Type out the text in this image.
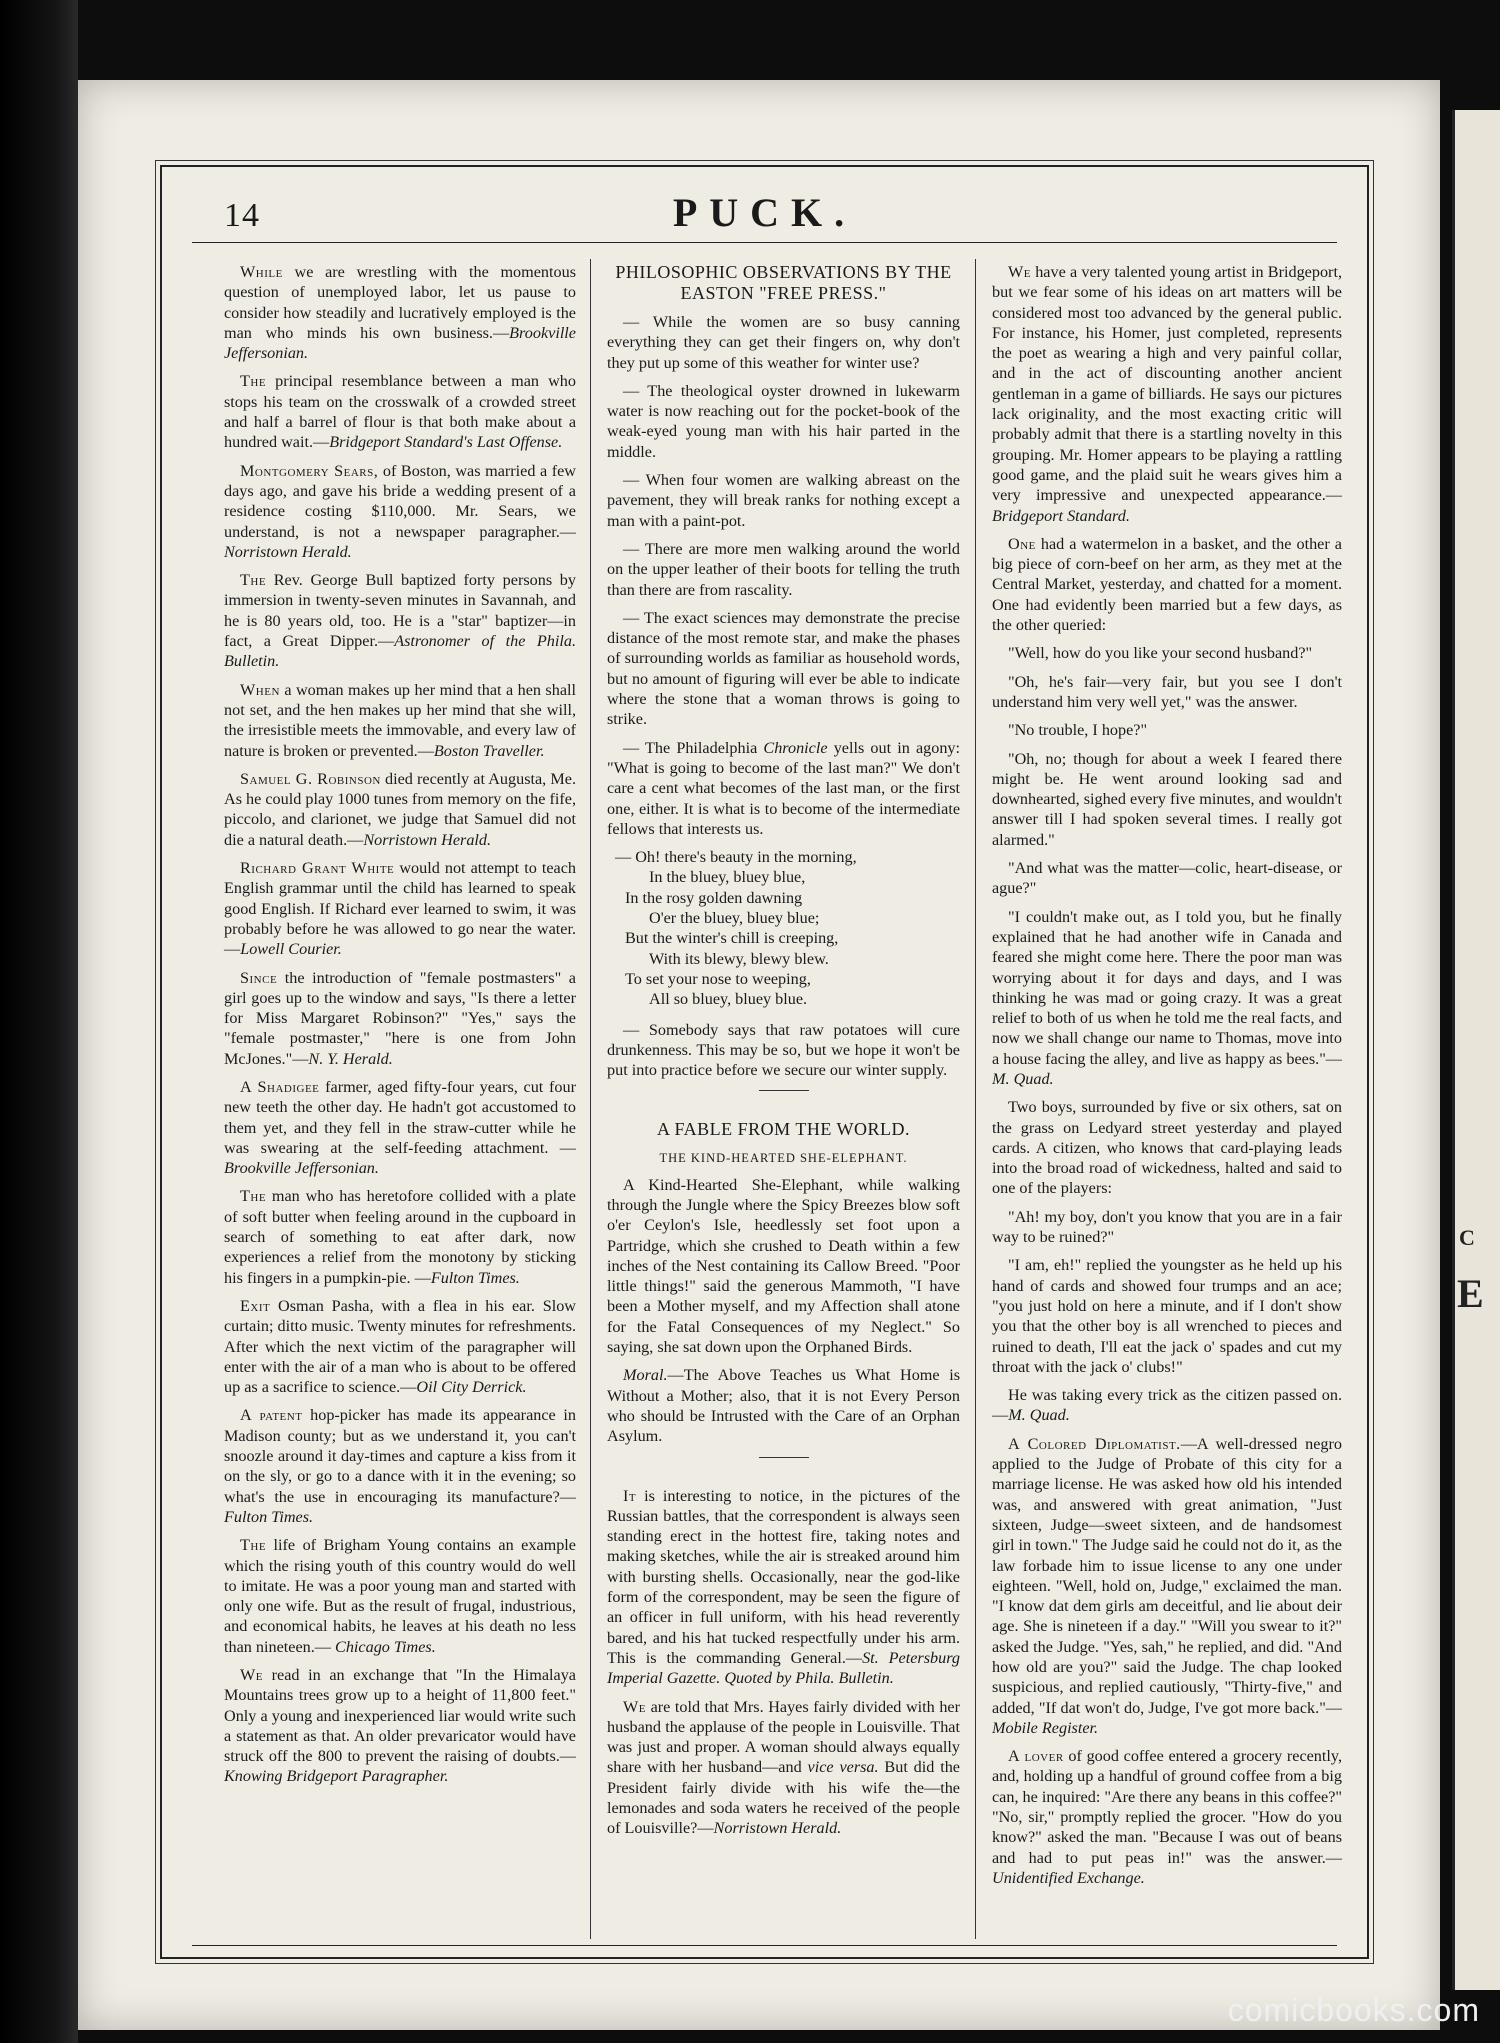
C
E
14	PUCK.

While we are wrestling with the momentous question of unemployed labor, let us pause to consider how steadily and lucratively employed is the man who minds his own business.—Brookville Jeffersonian.

The principal resemblance between a man who stops his team on the crosswalk of a crowded street and half a barrel of flour is that both make about a hundred wait.—Bridgeport Standard's Last Offense.

Montgomery Sears, of Boston, was married a few days ago, and gave his bride a wedding present of a residence costing $110,000. Mr. Sears, we understand, is not a newspaper paragrapher.—Norristown Herald.

The Rev. George Bull baptized forty persons by immersion in twenty-seven minutes in Savannah, and he is 80 years old, too. He is a "star" baptizer—in fact, a Great Dipper.—Astronomer of the Phila. Bulletin.

When a woman makes up her mind that a hen shall not set, and the hen makes up her mind that she will, the irresistible meets the immovable, and every law of nature is broken or prevented.—Boston Traveller.

Samuel G. Robinson died recently at Augusta, Me. As he could play 1000 tunes from memory on the fife, piccolo, and clarionet, we judge that Samuel did not die a natural death.—Norristown Herald.

Richard Grant White would not attempt to teach English grammar until the child has learned to speak good English. If Richard ever learned to swim, it was probably before he was allowed to go near the water.—Lowell Courier.

Since the introduction of "female postmasters" a girl goes up to the window and says, "Is there a letter for Miss Margaret Robinson?" "Yes," says the "female postmaster," "here is one from John McJones."—N. Y. Herald.

A Shadigee farmer, aged fifty-four years, cut four new teeth the other day. He hadn't got accustomed to them yet, and they fell in the straw-cutter while he was swearing at the self-feeding attachment. — Brookville Jeffersonian.

The man who has heretofore collided with a plate of soft butter when feeling around in the cupboard in search of something to eat after dark, now experiences a relief from the monotony by sticking his fingers in a pumpkin-pie. —Fulton Times.

Exit Osman Pasha, with a flea in his ear. Slow curtain; ditto music. Twenty minutes for refreshments. After which the next victim of the paragrapher will enter with the air of a man who is about to be offered up as a sacrifice to science.—Oil City Derrick.

A patent hop-picker has made its appearance in Madison county; but as we understand it, you can't snoozle around it day-times and capture a kiss from it on the sly, or go to a dance with it in the evening; so what's the use in encouraging its manufacture?—Fulton Times.

The life of Brigham Young contains an example which the rising youth of this country would do well to imitate. He was a poor young man and started with only one wife. But as the result of frugal, industrious, and economical habits, he leaves at his death no less than nineteen.— Chicago Times.

We read in an exchange that "In the Himalaya Mountains trees grow up to a height of 11,800 feet." Only a young and inexperienced liar would write such a statement as that. An older prevaricator would have struck off the 800 to prevent the raising of doubts.—Knowing Bridgeport Paragrapher.

PHILOSOPHIC OBSERVATIONS BY THE EASTON "FREE PRESS."

— While the women are so busy canning everything they can get their fingers on, why don't they put up some of this weather for winter use?

— The theological oyster drowned in lukewarm water is now reaching out for the pocket-book of the weak-eyed young man with his hair parted in the middle.

— When four women are walking abreast on the pavement, they will break ranks for nothing except a man with a paint-pot.

— There are more men walking around the world on the upper leather of their boots for telling the truth than there are from rascality.

— The exact sciences may demonstrate the precise distance of the most remote star, and make the phases of surrounding worlds as familiar as household words, but no amount of figuring will ever be able to indicate where the stone that a woman throws is going to strike.

— The Philadelphia Chronicle yells out in agony: "What is going to become of the last man?" We don't care a cent what becomes of the last man, or the first one, either. It is what is to become of the intermediate fellows that interests us.

— Oh! there's beauty in the morning,
In the bluey, bluey blue,
In the rosy golden dawning
O'er the bluey, bluey blue;
But the winter's chill is creeping,
With its blewy, blewy blew.
To set your nose to weeping,
All so bluey, bluey blue.

— Somebody says that raw potatoes will cure drunkenness. This may be so, but we hope it won't be put into practice before we secure our winter supply.

A FABLE FROM THE WORLD.
THE KIND-HEARTED SHE-ELEPHANT.

A Kind-Hearted She-Elephant, while walking through the Jungle where the Spicy Breezes blow soft o'er Ceylon's Isle, heedlessly set foot upon a Partridge, which she crushed to Death within a few inches of the Nest containing its Callow Breed. "Poor little things!" said the generous Mammoth, "I have been a Mother myself, and my Affection shall atone for the Fatal Consequences of my Neglect." So saying, she sat down upon the Orphaned Birds.

Moral.—The Above Teaches us What Home is Without a Mother; also, that it is not Every Person who should be Intrusted with the Care of an Orphan Asylum.

It is interesting to notice, in the pictures of the Russian battles, that the correspondent is always seen standing erect in the hottest fire, taking notes and making sketches, while the air is streaked around him with bursting shells. Occasionally, near the god-like form of the correspondent, may be seen the figure of an officer in full uniform, with his head reverently bared, and his hat tucked respectfully under his arm. This is the commanding General.—St. Petersburg Imperial Gazette. Quoted by Phila. Bulletin.

We are told that Mrs. Hayes fairly divided with her husband the applause of the people in Louisville. That was just and proper. A woman should always equally share with her husband—and vice versa. But did the President fairly divide with his wife the—the lemonades and soda waters he received of the people of Louisville?—Norristown Herald.

We have a very talented young artist in Bridgeport, but we fear some of his ideas on art matters will be considered most too advanced by the general public. For instance, his Homer, just completed, represents the poet as wearing a high and very painful collar, and in the act of discounting another ancient gentleman in a game of billiards. He says our pictures lack originality, and the most exacting critic will probably admit that there is a startling novelty in this grouping. Mr. Homer appears to be playing a rattling good game, and the plaid suit he wears gives him a very impressive and unexpected appearance.—Bridgeport Standard.

One had a watermelon in a basket, and the other a big piece of corn-beef on her arm, as they met at the Central Market, yesterday, and chatted for a moment. One had evidently been married but a few days, as the other queried:

"Well, how do you like your second husband?"

"Oh, he's fair—very fair, but you see I don't understand him very well yet," was the answer.

"No trouble, I hope?"

"Oh, no; though for about a week I feared there might be. He went around looking sad and downhearted, sighed every five minutes, and wouldn't answer till I had spoken several times. I really got alarmed."

"And what was the matter—colic, heart-disease, or ague?"

"I couldn't make out, as I told you, but he finally explained that he had another wife in Canada and feared she might come here. There the poor man was worrying about it for days and days, and I was thinking he was mad or going crazy. It was a great relief to both of us when he told me the real facts, and now we shall change our name to Thomas, move into a house facing the alley, and live as happy as bees."—M. Quad.

Two boys, surrounded by five or six others, sat on the grass on Ledyard street yesterday and played cards. A citizen, who knows that card-playing leads into the broad road of wickedness, halted and said to one of the players:

"Ah! my boy, don't you know that you are in a fair way to be ruined?"

"I am, eh!" replied the youngster as he held up his hand of cards and showed four trumps and an ace; "you just hold on here a minute, and if I don't show you that the other boy is all wrenched to pieces and ruined to death, I'll eat the jack o' spades and cut my throat with the jack o' clubs!"

He was taking every trick as the citizen passed on.—M. Quad.

A Colored Diplomatist.—A well-dressed negro applied to the Judge of Probate of this city for a marriage license. He was asked how old his intended was, and answered with great animation, "Just sixteen, Judge—sweet sixteen, and de handsomest girl in town." The Judge said he could not do it, as the law forbade him to issue license to any one under eighteen. "Well, hold on, Judge," exclaimed the man. "I know dat dem girls am deceitful, and lie about deir age. She is nineteen if a day." "Will you swear to it?" asked the Judge. "Yes, sah," he replied, and did. "And how old are you?" said the Judge. The chap looked suspicious, and replied cautiously, "Thirty-five," and added, "If dat won't do, Judge, I've got more back."—Mobile Register.

A lover of good coffee entered a grocery recently, and, holding up a handful of ground coffee from a big can, he inquired: "Are there any beans in this coffee?" "No, sir," promptly replied the grocer. "How do you know?" asked the man. "Because I was out of beans and had to put peas in!" was the answer.—Unidentified Exchange.

comicbooks.com
